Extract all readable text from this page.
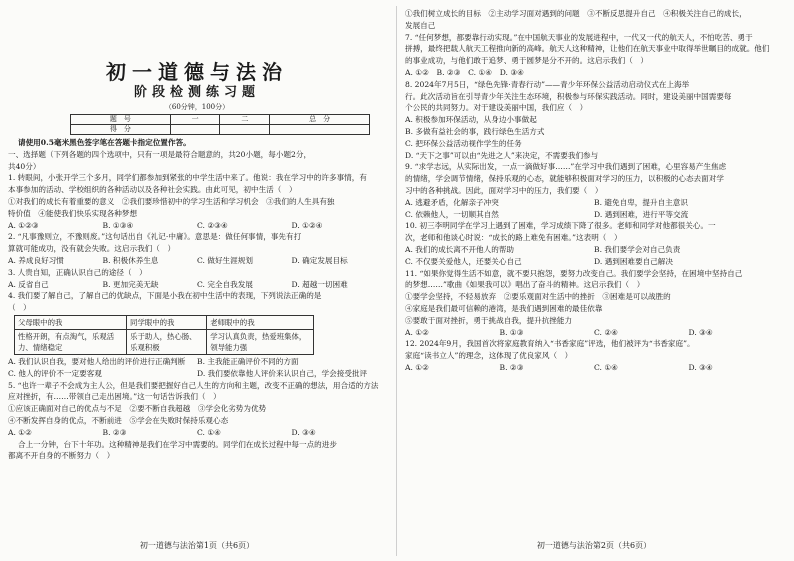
初一道德与法治
阶段检测练习题
（60分钟，100分）
题　号	一	二	总　分
得　分			

请使用0.5毫米黑色签字笔在答题卡指定位置作答。

一、选择题（下列各题的四个选项中，只有一项是最符合题意的，共20小题，每小题2分，

共40分）

1. 转眼间，小张开学三个多月，同学们都参加到紧张的中学生活中来了。他说：我在学习中的许多事情，有

本事参加的活动、学校组织的各种活动以及各种社会实践。由此可见，初中生活（　）

①对我们的成长有着重要的意义　②我们要珍惜初中的学习生活和学习机会　③我们的人生具有独

特价值　④能使我们快乐实现各种梦想

A. ①②③	B. ①③④	C. ②③④	D. ①②④

2. “凡事豫则立，不豫则废。”这句话出自《礼记·中庸》。意思是：做任何事情，事先有打

算就可能成功，没有就会失败。这启示我们（　）

A. 养成良好习惯	B. 积极休养生息	C. 做好生涯规划	D. 确定发展目标

3. 人贵自知，正确认识自己的途径（　）

A. 反省自己	B. 更加完美无缺	C. 完全自我发展	D. 超越一切困难

4. 我们要了解自己，了解自己的优缺点，下面是小我在初中生活中的表现，下列说法正确的是

（　）

父母眼中的我	同学眼中的我	老师眼中的我
性格开朗，有点淘气，乐观活力、情绪稳定	乐于助人，热心肠、乐观积极	学习认真负责，热爱班集体，领导能力强
A. 我们认识自我，要对他人给出的评价进行正确判断	B. 主我能正确评价不同的方面
C. 他人的评价不一定要客观	D. 我们要依靠他人评价来认识自己，学会接受批评

5. “也许一辈子不会成为主人公，但是我们要把握好自己人生的方向和主题，改变不正确的想法，用合适的方法

应对挫折，有……带领自己走出困境。”这一句话告诉我们（　）

①应该正确面对自己的优点与不足　②要不断自我超越　③学会化劣势为优势

④不断发挥自身的优点，不断前进　⑤学会在失败时保持乐观心态

A. ①②	B. ②③	C. ①④	D. ③④

合上一分钟，台下十年功。这种精神是我们在学习中需要的。同学们在成长过程中每一点的进步

都离不开自身的不断努力（　）

初一道德与法治第1页（共6页）

①我们树立成长的目标　②主动学习面对遇到的问题　③不断反思提升自己　④积极关注自己的成长，

发展自己

7. “任何梦想，都要靠行动实现。”在中国航天事业的发展进程中，一代又一代的航天人，不怕吃苦、勇于

拼搏，最终把载人航天工程推向新的高峰。航天人这种精神，让他们在航天事业中取得举世瞩目的成就。他们

的事业成功，与他们敢于追梦、勇于圆梦是分不开的。这启示我们（　）

A. ①②　B. ②③　C. ①④　D. ③④

8. 2024年7月5日，“绿色先锋·青春行动”——青少年环保公益活动启动仪式在上海举

行。此次活动旨在引导青少年关注生态环境，积极参与环保实践活动。同时，建设美丽中国需要每

个公民的共同努力。对于建设美丽中国，我们应（　）

A. 积极参加环保活动，从身边小事做起

B. 多做有益社会的事，践行绿色生活方式

C. 把环保公益活动视作学生的任务

D. “天下之事”可以由“先进之人”来决定，不需要我们参与

9. “求学志远，从实际出发，一点一滴做好事……”在学习中我们遇到了困难，心里容易产生焦虑

的情绪，学会调节情绪，保持乐观的心态，就能够积极面对学习的压力，以积极的心态去面对学

习中的各种挑战。因此，面对学习中的压力，我们要（　）

A. 逃避矛盾，化解亲子冲突	B. 避免自卑，提升自主意识
C. 依赖他人，一切顺其自然	D. 遇到困难，进行平等交流

10. 初三李明同学在学习上遇到了困难，学习成绩下降了很多。老师和同学对他都很关心。一

次，老师和他谈心时说：“成长的路上难免有困难。”这表明（　）

A. 我们的成长离不开他人的帮助	B. 我们要学会对自己负责
C. 不仅要关爱他人，还要关心自己	D. 遇到困难要自己解决

11. “如果你觉得生活不如意，就不要只抱怨，要努力改变自己。我们要学会坚持，在困境中坚持自己

的梦想……”歌曲《如果我可以》唱出了奋斗的精神。这启示我们（　）

①要学会坚持，不轻易放弃　②要乐观面对生活中的挫折　③困难是可以战胜的

④家庭是我们最可信赖的港湾，是我们遇到困难的最佳依靠

⑤要敢于面对挫折，勇于挑战自我，提升抗挫能力

A. ①②	B. ①③	C. ②④	D. ③④

12. 2024年9月，我国首次将家庭教育纳入“书香家庭”评选，他们被评为“书香家庭”。

家庭“读书立人”的理念，这体现了优良家风（　）

A. ①②	B. ②③	C. ①④	D. ③④
初一道德与法治第2页（共6页）
